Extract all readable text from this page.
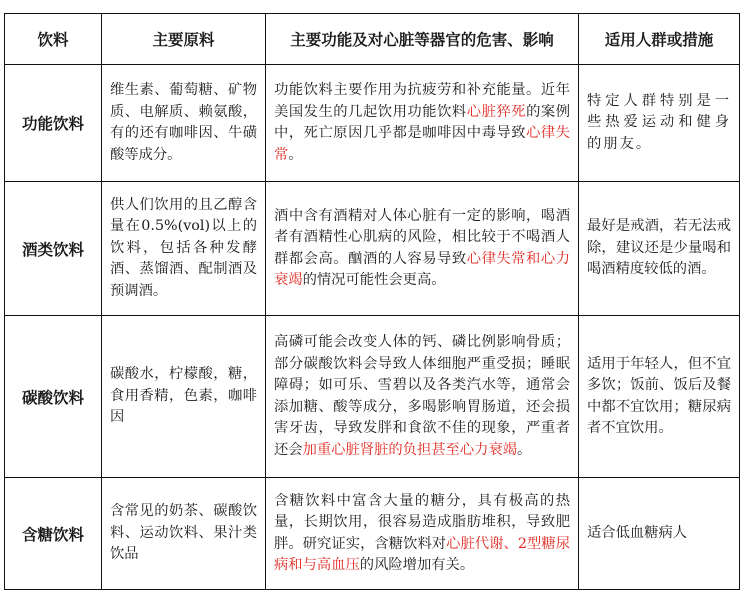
饮料	主要原料	主要功能及对心脏等器官的危害、影响	适用人群或措施
功能饮料	维生素、葡萄糖、矿物质、电解质、赖氨酸，有的还有咖啡因、牛磺酸等成分。	功能饮料主要作用为抗疲劳和补充能量。近年美国发生的几起饮用功能饮料心脏猝死的案例中，死亡原因几乎都是咖啡因中毒导致心律失常。	特定人群特别是一些热爱运动和健身的朋友。
酒类饮料	供人们饮用的且乙醇含量在0.5%(vol)以上的饮料，包括各种发酵酒、蒸馏酒、配制酒及预调酒。	酒中含有酒精对人体心脏有一定的影响，喝酒者有酒精性心肌病的风险，相比较于不喝酒人群都会高。酗酒的人容易导致心律失常和心力衰竭的情况可能性会更高。	最好是戒酒，若无法戒除，建议还是少量喝和喝酒精度较低的酒。
碳酸饮料	碳酸水，柠檬酸，糖，食用香精，色素，咖啡因	高磷可能会改变人体的钙、磷比例影响骨质；部分碳酸饮料会导致人体细胞严重受损；睡眠障碍；如可乐、雪碧以及各类汽水等，通常会添加糖、酸等成分，多喝影响胃肠道，还会损害牙齿，导致发胖和食欲不佳的现象，严重者还会加重心脏肾脏的负担甚至心力衰竭。	适用于年轻人，但不宜多饮；饭前、饭后及餐中都不宜饮用；糖尿病者不宜饮用。
含糖饮料	含常见的奶茶、碳酸饮料、运动饮料、果汁类饮品	含糖饮料中富含大量的糖分，具有极高的热量，长期饮用，很容易造成脂肪堆积，导致肥胖。研究证实，含糖饮料对心脏代谢、2型糖尿病和与高血压的风险增加有关。	适合低血糖病人
